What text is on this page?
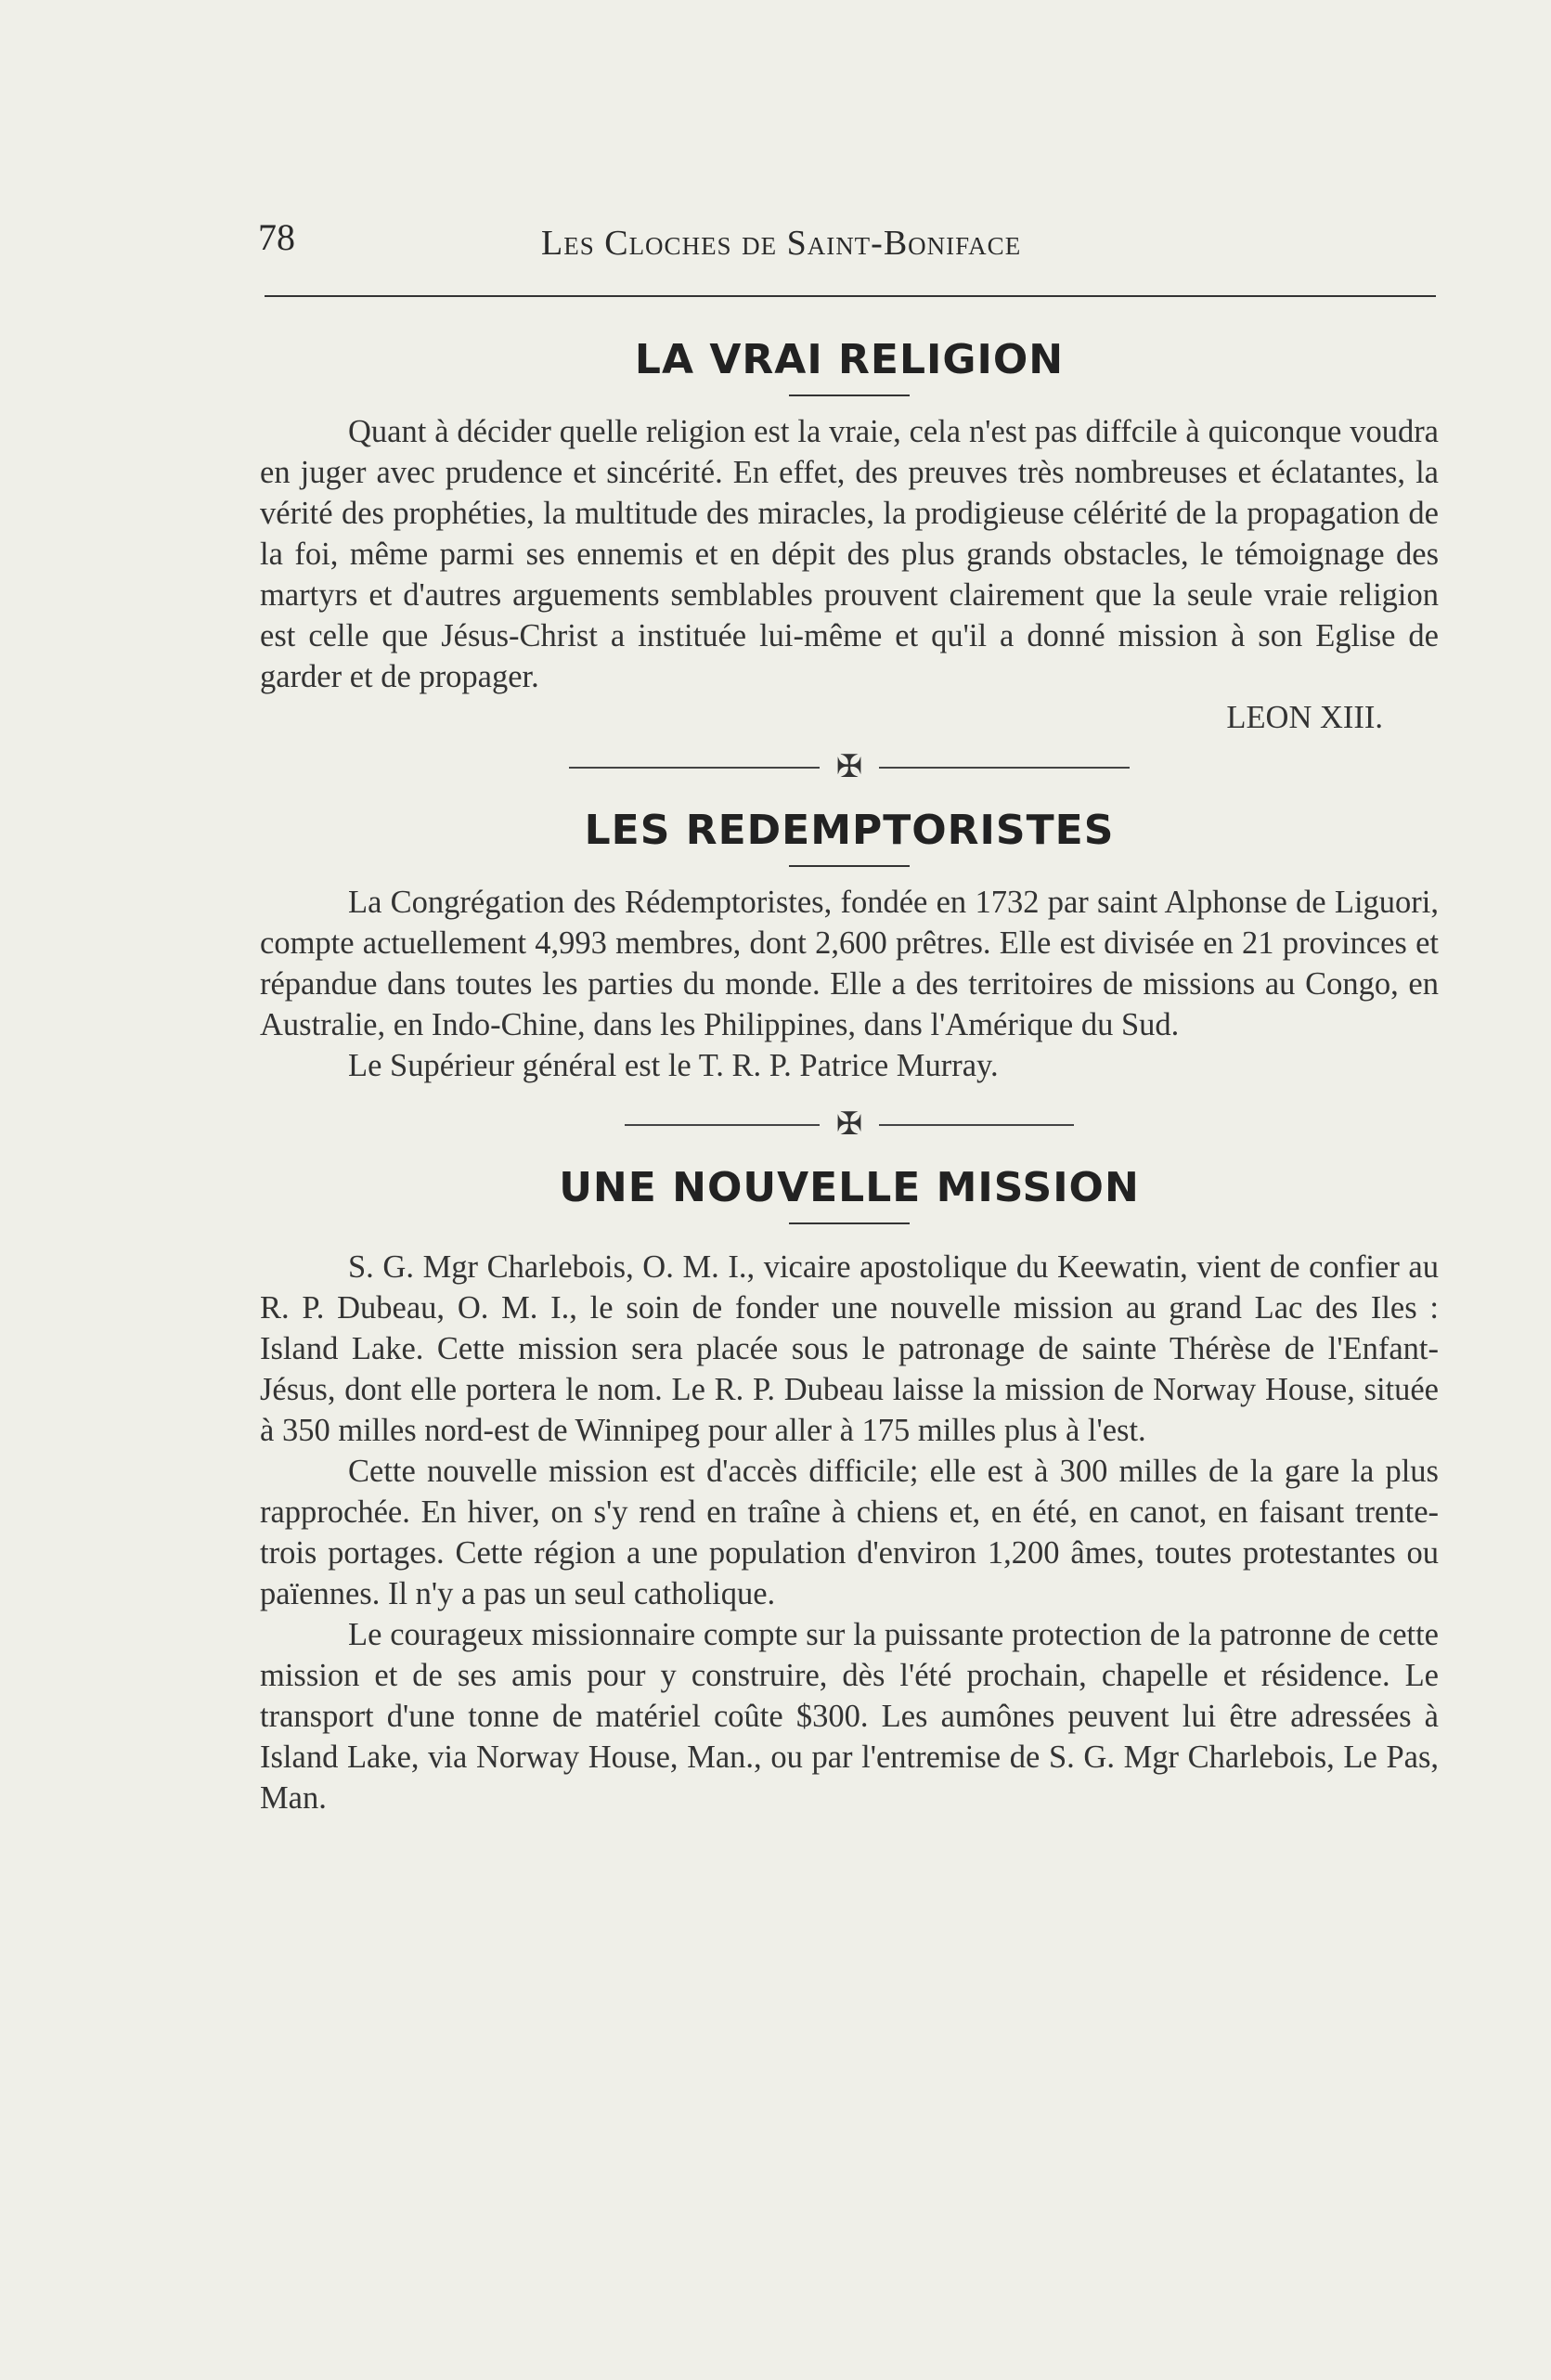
78	Les Cloches de Saint-Boniface
LA VRAI RELIGION

Quant à décider quelle religion est la vraie, cela n'est pas diffcile à quiconque voudra en juger avec prudence et sincérité. En effet, des preuves très nombreuses et éclatantes, la vérité des prophéties, la multitude des miracles, la prodigieuse célérité de la propagation de la foi, même parmi ses ennemis et en dépit des plus grands obstacles, le témoignage des martyrs et d'autres arguements semblables prouvent clairement que la seule vraie religion est celle que Jésus-Christ a instituée lui-même et qu'il a donné mission à son Eglise de garder et de propager.

LEON XIII.

✠
LES REDEMPTORISTES

La Congrégation des Rédemptoristes, fondée en 1732 par saint Alphonse de Liguori, compte actuellement 4,993 membres, dont 2,600 prêtres. Elle est divisée en 21 provinces et répandue dans toutes les parties du monde. Elle a des territoires de missions au Congo, en Australie, en Indo-Chine, dans les Philippines, dans l'Amérique du Sud.

Le Supérieur général est le T. R. P. Patrice Murray.

✠
UNE NOUVELLE MISSION

S. G. Mgr Charlebois, O. M. I., vicaire apostolique du Keewatin, vient de confier au R. P. Dubeau, O. M. I., le soin de fonder une nouvelle mission au grand Lac des Iles : Island Lake. Cette mission sera placée sous le patronage de sainte Thérèse de l'Enfant-Jésus, dont elle portera le nom. Le R. P. Dubeau laisse la mission de Norway House, située à 350 milles nord-est de Winnipeg pour aller à 175 milles plus à l'est.

Cette nouvelle mission est d'accès difficile; elle est à 300 milles de la gare la plus rapprochée. En hiver, on s'y rend en traîne à chiens et, en été, en canot, en faisant trente-trois portages. Cette région a une population d'environ 1,200 âmes, toutes protestantes ou païennes. Il n'y a pas un seul catholique.

Le courageux missionnaire compte sur la puissante protection de la patronne de cette mission et de ses amis pour y construire, dès l'été prochain, chapelle et résidence. Le transport d'une tonne de matériel coûte $300. Les aumônes peuvent lui être adressées à Island Lake, via Norway House, Man., ou par l'entremise de S. G. Mgr Charlebois, Le Pas, Man.
